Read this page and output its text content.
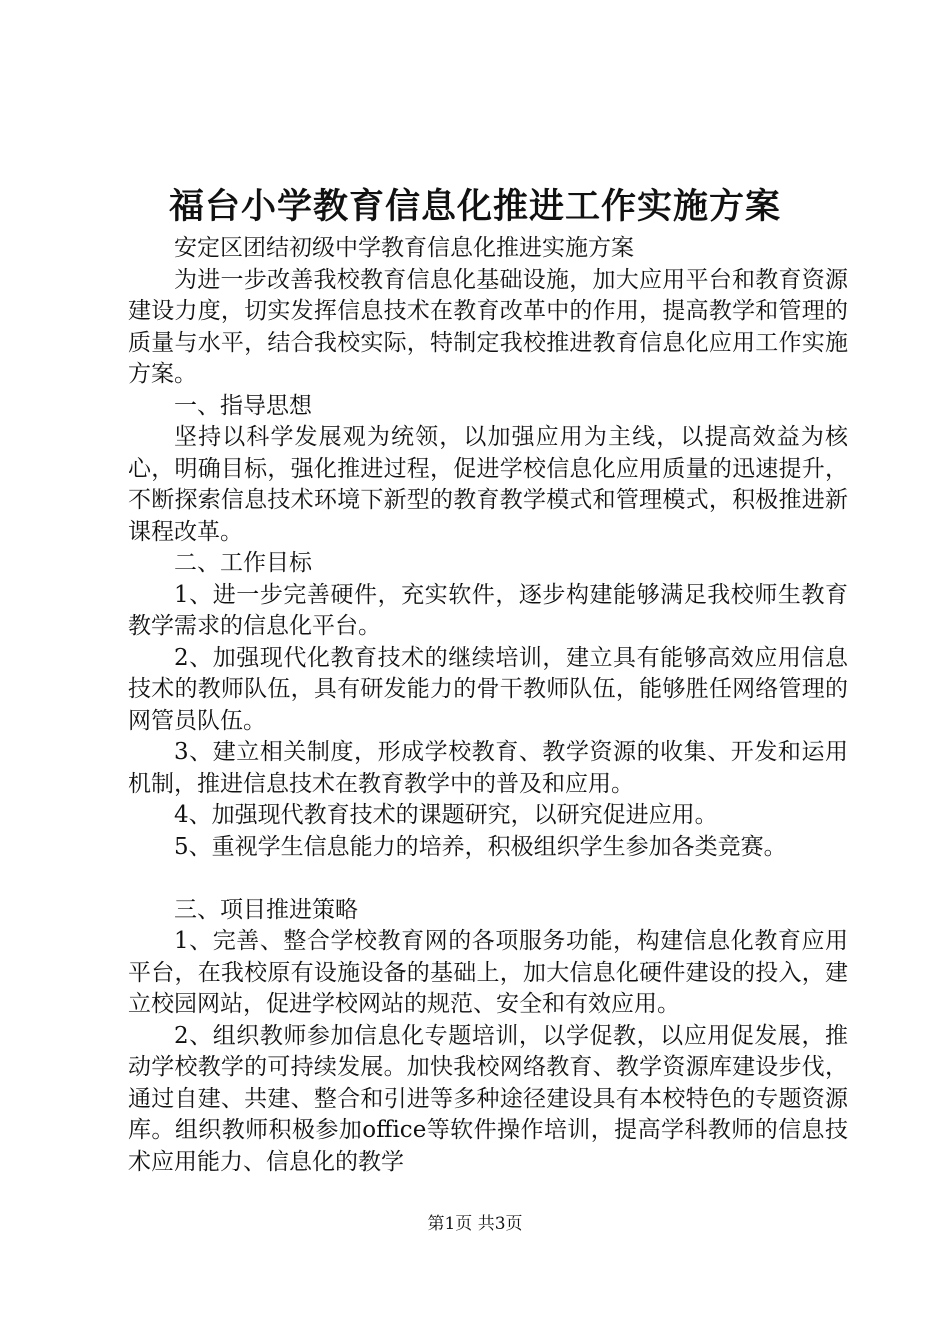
福台小学教育信息化推进工作实施方案

安定区团结初级中学教育信息化推进实施方案

为进一步改善我校教育信息化基础设施，加大应用平台和教育资源建设力度，切实发挥信息技术在教育改革中的作用，提高教学和管理的质量与水平，结合我校实际，特制定我校推进教育信息化应用工作实施方案。

一、指导思想

坚持以科学发展观为统领，以加强应用为主线，以提高效益为核心，明确目标，强化推进过程，促进学校信息化应用质量的迅速提升，不断探索信息技术环境下新型的教育教学模式和管理模式，积极推进新课程改革。

二、工作目标

1、进一步完善硬件，充实软件，逐步构建能够满足我校师生教育教学需求的信息化平台。

2、加强现代化教育技术的继续培训，建立具有能够高效应用信息技术的教师队伍，具有研发能力的骨干教师队伍，能够胜任网络管理的网管员队伍。

3、建立相关制度，形成学校教育、教学资源的收集、开发和运用机制，推进信息技术在教育教学中的普及和应用。

4、加强现代教育技术的课题研究，以研究促进应用。

5、重视学生信息能力的培养，积极组织学生参加各类竞赛。

三、项目推进策略

1、完善、整合学校教育网的各项服务功能，构建信息化教育应用平台，在我校原有设施设备的基础上，加大信息化硬件建设的投入，建立校园网站，促进学校网站的规范、安全和有效应用。

2、组织教师参加信息化专题培训，以学促教，以应用促发展，推动学校教学的可持续发展。加快我校网络教育、教学资源库建设步伐，通过自建、共建、整合和引进等多种途径建设具有本校特色的专题资源库。组织教师积极参加office等软件操作培训，提高学科教师的信息技术应用能力、信息化的教学

第1页 共3页
